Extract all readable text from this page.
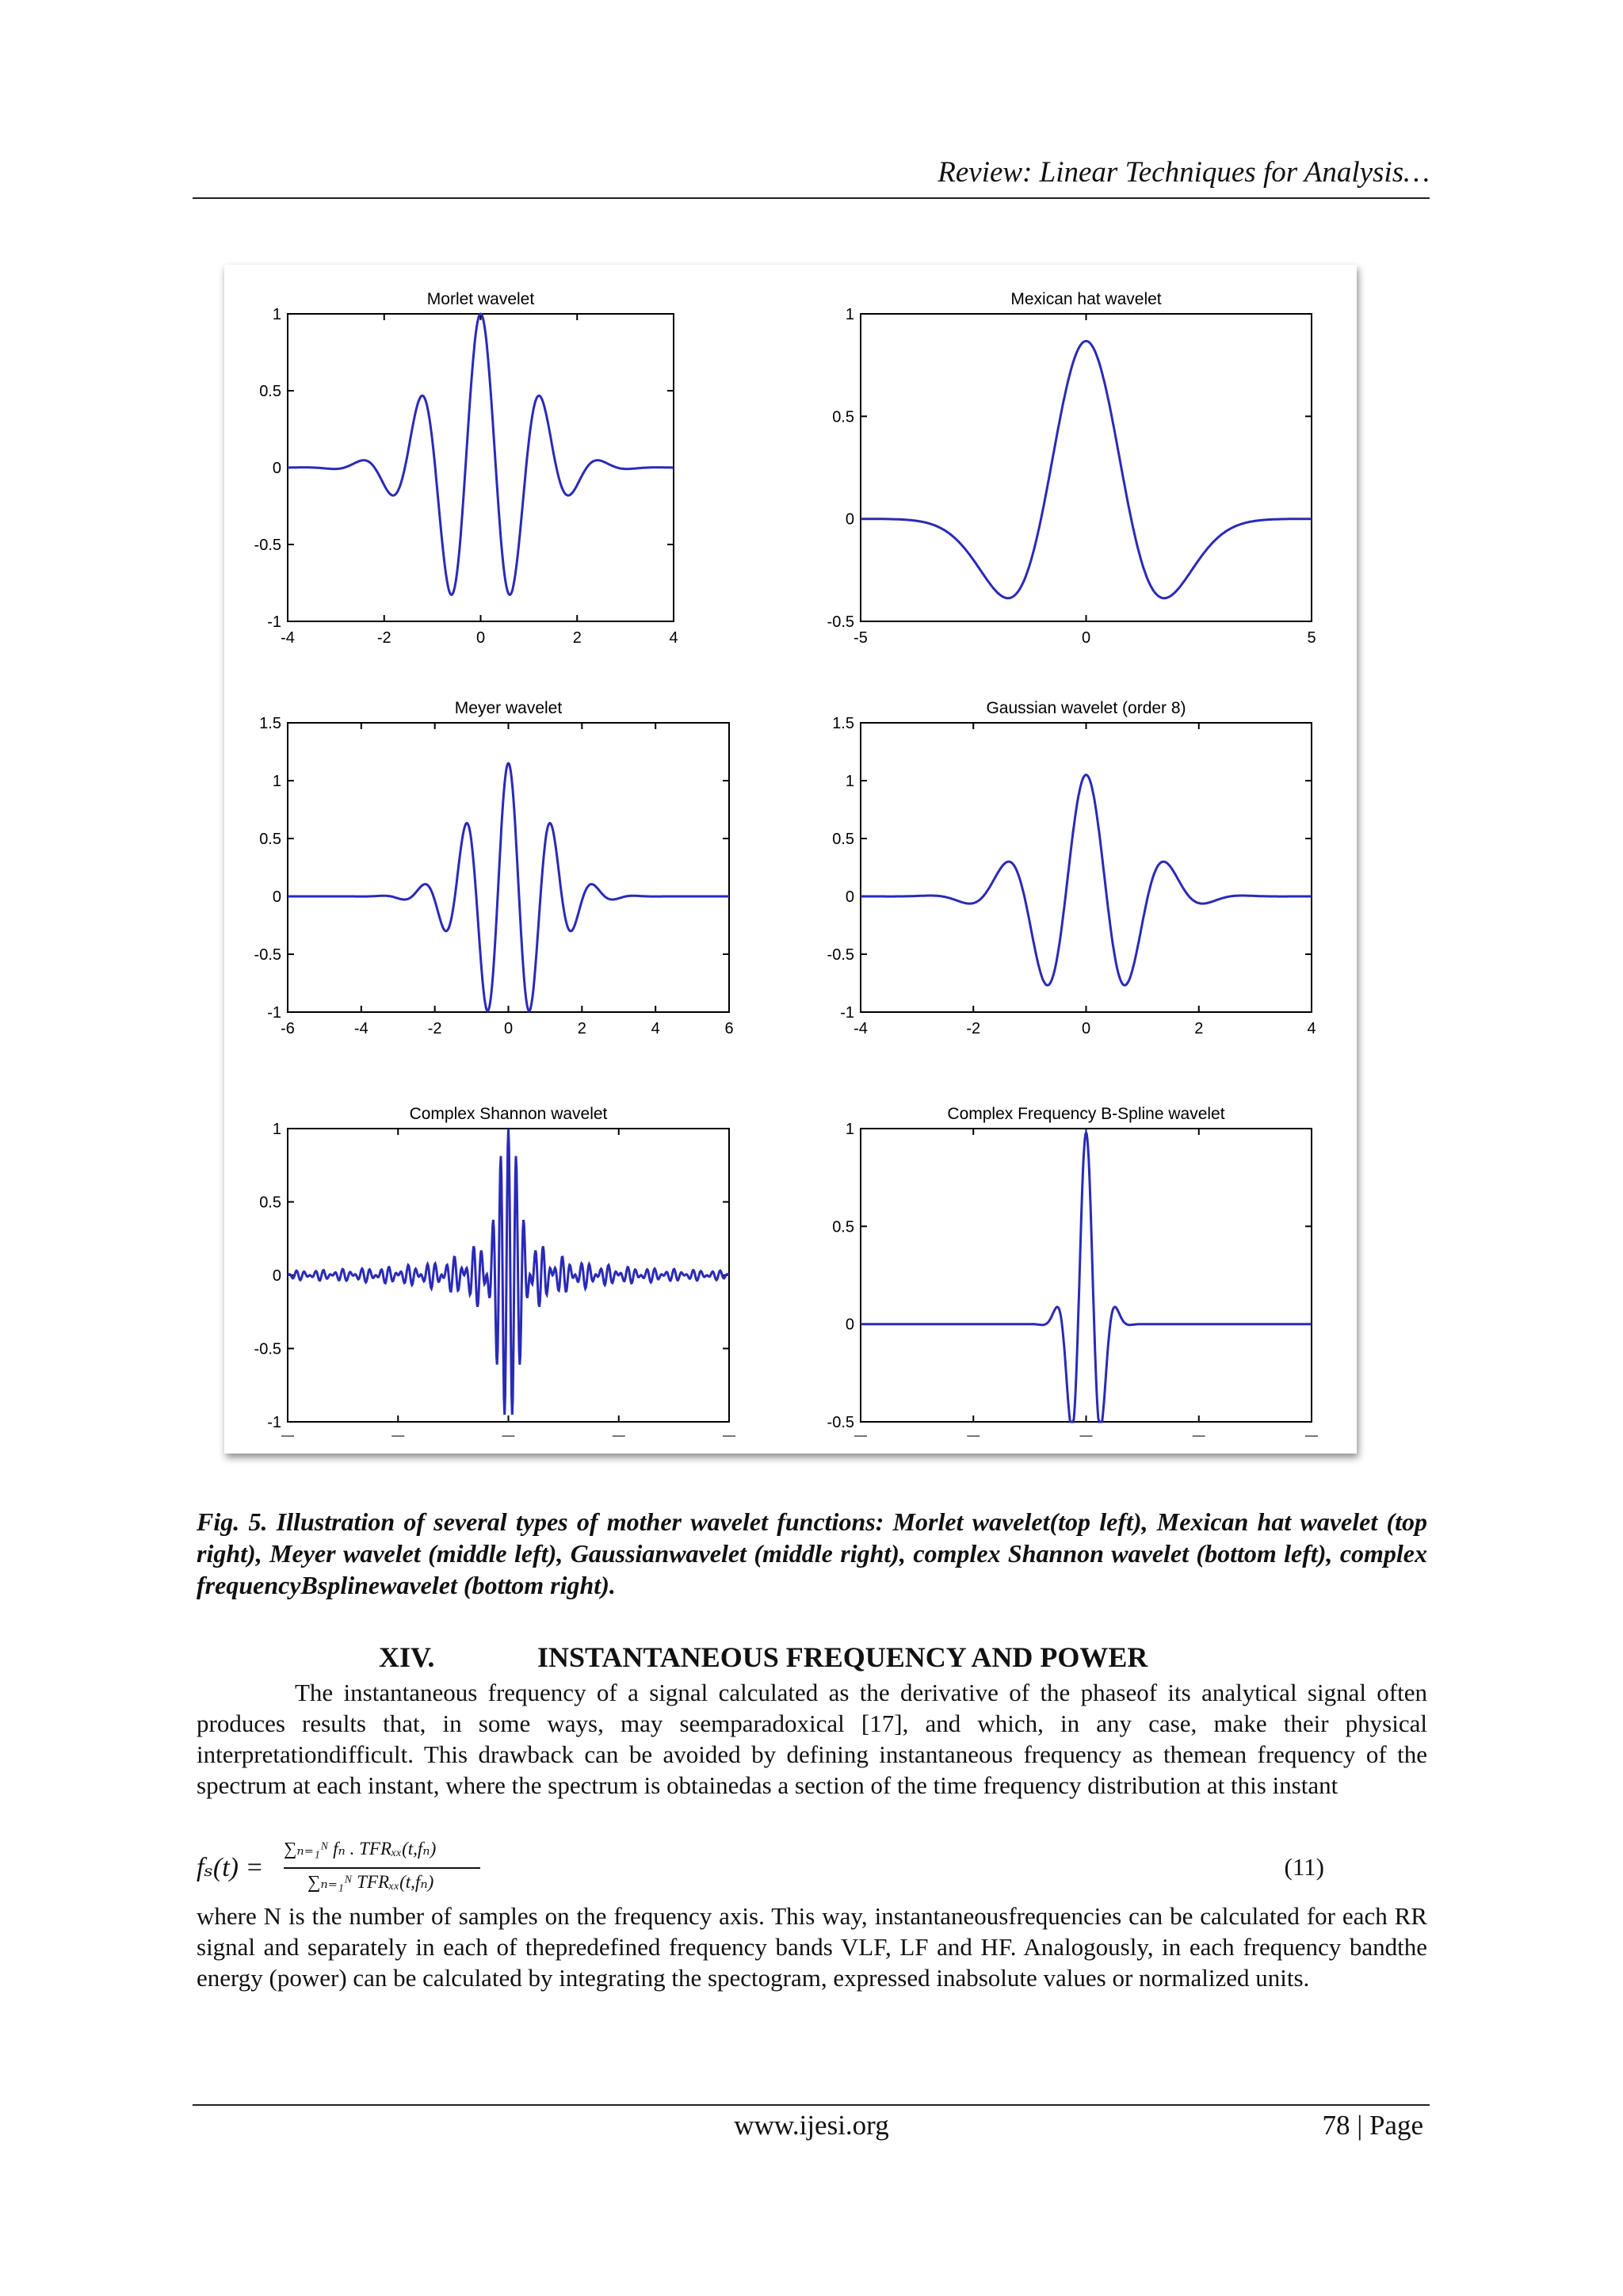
Review: Linear Techniques for Analysis…
Morlet wavelet
1
0.5
0
-0.5
-1
-4	-2	0	2	4
Mexican hat wavelet
1
0.5
0
-0.5
-5	0	5
Meyer wavelet
1.5
1
0.5
0
-0.5
-1
-6	-4	-2	0	2	4	6
Gaussian wavelet (order 8)
1.5
1
0.5
0
-0.5
-1
-4	-2	0	2	4
Complex Shannon wavelet
1
0.5
0
-0.5
-1
Complex Frequency B-Spline wavelet
1
0.5
0
-0.5
Fig. 5. Illustration of several types of mother wavelet functions: Morlet wavelet(top left), Mexican hat wavelet (top right), Meyer wavelet (middle left), Gaussianwavelet (middle right), complex Shannon wavelet (bottom left), complex frequencyBsplinewavelet (bottom right).
XIV.	INSTANTANEOUS FREQUENCY AND POWER
The instantaneous frequency of a signal calculated as the derivative of the phaseof its analytical signal often produces results that, in some ways, may seemparadoxical [17], and which, in any case, make their physical interpretationdifficult. This drawback can be avoided by defining instantaneous frequency as themean frequency of the spectrum at each instant, where the spectrum is obtainedas a section of the time frequency distribution at this instant
fₛ(t) =
∑ₙ₌₁ᴺ fₙ . TFRₓₓ(t,fₙ)
∑ₙ₌₁ᴺ TFRₓₓ(t,fₙ)
(11)
where N is the number of samples on the frequency axis. This way, instantaneousfrequencies can be calculated for each RR signal and separately in each of thepredefined frequency bands VLF, LF and HF. Analogously, in each frequency bandthe energy (power) can be calculated by integrating the spectogram, expressed inabsolute values or normalized units.
www.ijesi.org	78 | Page
